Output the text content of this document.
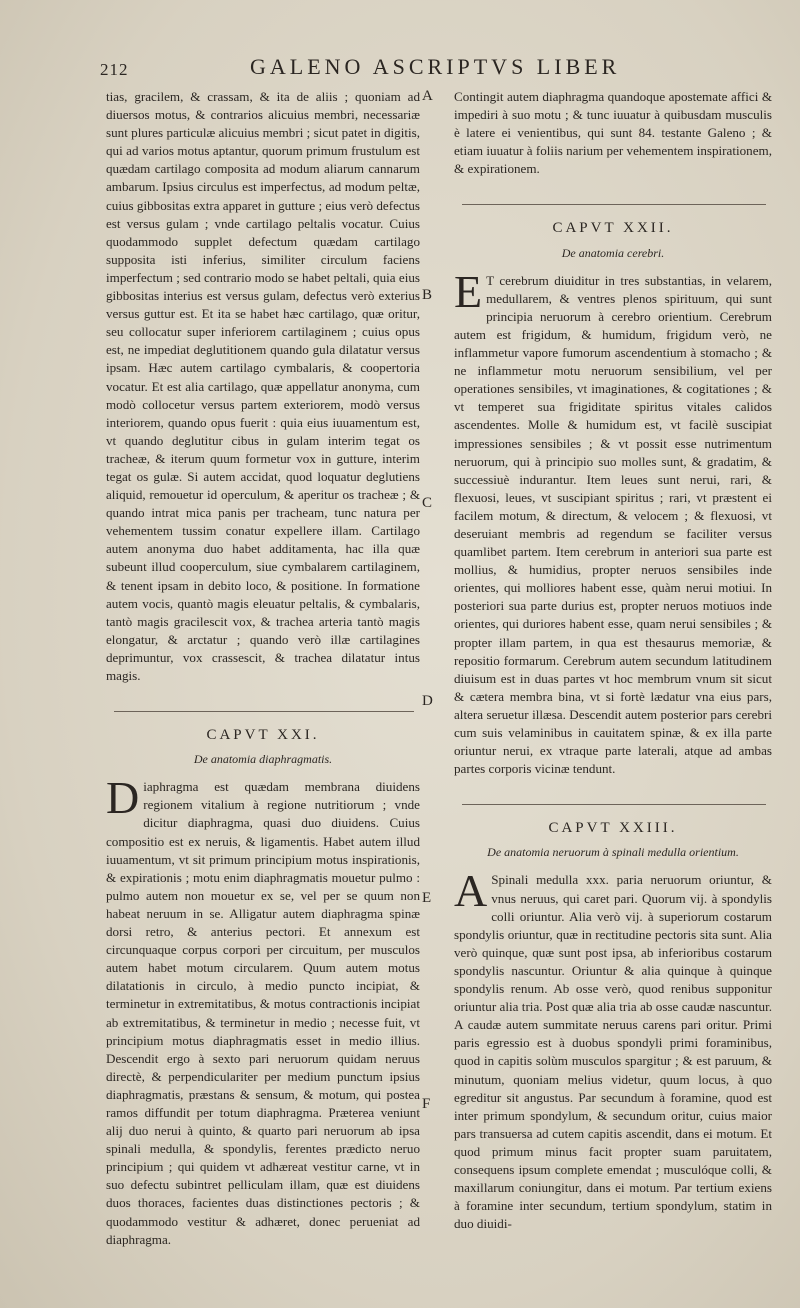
212	GALENO ASCRIPTVS LIBER
A
B
C
D
E
F

tias, gracilem, & crassam, & ita de aliis ; quoniam ad diuersos motus, & contrarios alicuius membri, necessariæ sunt plures particulæ alicuius membri ; sicut patet in digitis, qui ad varios motus aptantur, quorum primum frustulum est quædam cartilago composita ad modum aliarum cannarum ambarum. Ipsius circulus est imperfectus, ad modum peltæ, cuius gibbositas extra apparet in gutture ; eius verò defectus est versus gulam ; vnde cartilago peltalis vocatur. Cuius quodammodo supplet defectum quædam cartilago supposita isti inferius, similiter circulum faciens imperfectum ; sed contrario modo se habet peltali, quia eius gibbositas interius est versus gulam, defectus verò exterius versus guttur est. Et ita se habet hæc cartilago, quæ oritur, seu collocatur super inferiorem cartilaginem ; cuius opus est, ne impediat deglutitionem quando gula dilatatur versus ipsam. Hæc autem cartilago cymbalaris, & coopertoria vocatur. Et est alia cartilago, quæ appellatur anonyma, cum modò collocetur versus partem exteriorem, modò versus interiorem, quando opus fuerit : quia eius iuuamentum est, vt quando deglutitur cibus in gulam interim tegat os tracheæ, & iterum quum formetur vox in gutture, interim tegat os gulæ. Si autem accidat, quod loquatur deglutiens aliquid, remouetur id operculum, & aperitur os tracheæ ; & quando intrat mica panis per tracheam, tunc natura per vehementem tussim conatur expellere illam. Cartilago autem anonyma duo habet additamenta, hac illa quæ subeunt illud cooperculum, siue cymbalarem cartilaginem, & tenent ipsam in debito loco, & positione. In formatione autem vocis, quantò magis eleuatur peltalis, & cymbalaris, tantò magis gracilescit vox, & trachea arteria tantò magis elongatur, & arctatur ; quando verò illæ cartilagines deprimuntur, vox crassescit, & trachea dilatatur intus magis.

CAPVT XXI.
De anatomia diaphragmatis.

D iaphragma est quædam membrana diuidens regionem vitalium à regione nutritiorum ; vnde dicitur diaphragma, quasi duo diuidens. Cuius compositio est ex neruis, & ligamentis. Habet autem illud iuuamentum, vt sit primum principium motus inspirationis, & expirationis ; motu enim diaphragmatis mouetur pulmo : pulmo autem non mouetur ex se, vel per se quum non habeat neruum in se. Alligatur autem diaphragma spinæ dorsi retro, & anterius pectori. Et annexum est circunquaque corpus corpori per circuitum, per musculos autem habet motum circularem. Quum autem motus dilatationis in circulo, à medio puncto incipiat, & terminetur in extremitatibus, & motus contractionis incipiat ab extremitatibus, & terminetur in medio ; necesse fuit, vt principium motus diaphragmatis esset in medio illius. Descendit ergo à sexto pari neruorum quidam neruus directè, & perpendiculariter per medium punctum ipsius diaphragmatis, præstans & sensum, & motum, qui postea ramos diffundit per totum diaphragma. Præterea veniunt alij duo nerui à quinto, & quarto pari neruorum ab ipsa spinali medulla, & spondylis, ferentes prædicto neruo principium ; qui quidem vt adhæreat vestitur carne, vt in suo defectu subintret pelliculam illam, quæ est diuidens duos thoraces, facientes duas distinctiones pectoris ; & quodammodo vestitur & adhæret, donec perueniat ad diaphragma.

Contingit autem diaphragma quandoque apostemate affici & impediri à suo motu ; & tunc iuuatur à quibusdam musculis è latere ei venientibus, qui sunt 84. testante Galeno ; & etiam iuuatur à foliis narium per vehementem inspirationem, & expirationem.

CAPVT XXII.
De anatomia cerebri.

E T cerebrum diuiditur in tres substantias, in velarem, medullarem, & ventres plenos spirituum, qui sunt principia neruorum à cerebro orientium. Cerebrum autem est frigidum, & humidum, frigidum verò, ne inflammetur vapore fumorum ascendentium à stomacho ; & ne inflammetur motu neruorum sensibilium, vel per operationes sensibiles, vt imaginationes, & cogitationes ; & vt temperet sua frigiditate spiritus vitales calidos ascendentes. Molle & humidum est, vt facilè suscipiat impressiones sensibiles ; & vt possit esse nutrimentum neruorum, qui à principio suo molles sunt, & gradatim, & successiuè indurantur. Item leues sunt nerui, rari, & flexuosi, leues, vt suscipiant spiritus ; rari, vt præstent ei facilem motum, & directum, & velocem ; & flexuosi, vt deseruiant membris ad regendum se faciliter versus quamlibet partem. Item cerebrum in anteriori sua parte est mollius, & humidius, propter neruos sensibiles inde orientes, qui molliores habent esse, quàm nerui motiui. In posteriori sua parte durius est, propter neruos motiuos inde orientes, qui duriores habent esse, quam nerui sensibiles ; & propter illam partem, in qua est thesaurus memoriæ, & repositio formarum. Cerebrum autem secundum latitudinem diuisum est in duas partes vt hoc membrum vnum sit sicut & cætera membra bina, vt si fortè lædatur vna eius pars, altera seruetur illæsa. Descendit autem posterior pars cerebri cum suis velaminibus in cauitatem spinæ, & ex illa parte oriuntur nerui, ex vtraque parte laterali, atque ad ambas partes corporis vicinæ tendunt.

CAPVT XXIII.
De anatomia neruorum à spinali medulla orientium.

A Spinali medulla xxx. paria neruorum oriuntur, & vnus neruus, qui caret pari. Quorum vij. à spondylis colli oriuntur. Alia verò vij. à superiorum costarum spondylis oriuntur, quæ in rectitudine pectoris sita sunt. Alia verò quinque, quæ sunt post ipsa, ab inferioribus costarum spondylis nascuntur. Oriuntur & alia quinque à quinque spondylis renum. Ab osse verò, quod renibus supponitur oriuntur alia tria. Post quæ alia tria ab osse caudæ nascuntur. A caudæ autem summitate neruus carens pari oritur. Primi paris egressio est à duobus spondyli primi foraminibus, quod in capitis solùm musculos spargitur ; & est paruum, & minutum, quoniam melius videtur, quum locus, à quo egreditur sit angustus. Par secundum à foramine, quod est inter primum spondylum, & secundum oritur, cuius maior pars transuersa ad cutem capitis ascendit, dans ei motum. Et quod primum minus facit propter suam paruitatem, consequens ipsum complete emendat ; musculóque colli, & maxillarum coniungitur, dans ei motum. Par tertium exiens à foramine inter secundum, tertium spondylum, statim in duo diuidi-
